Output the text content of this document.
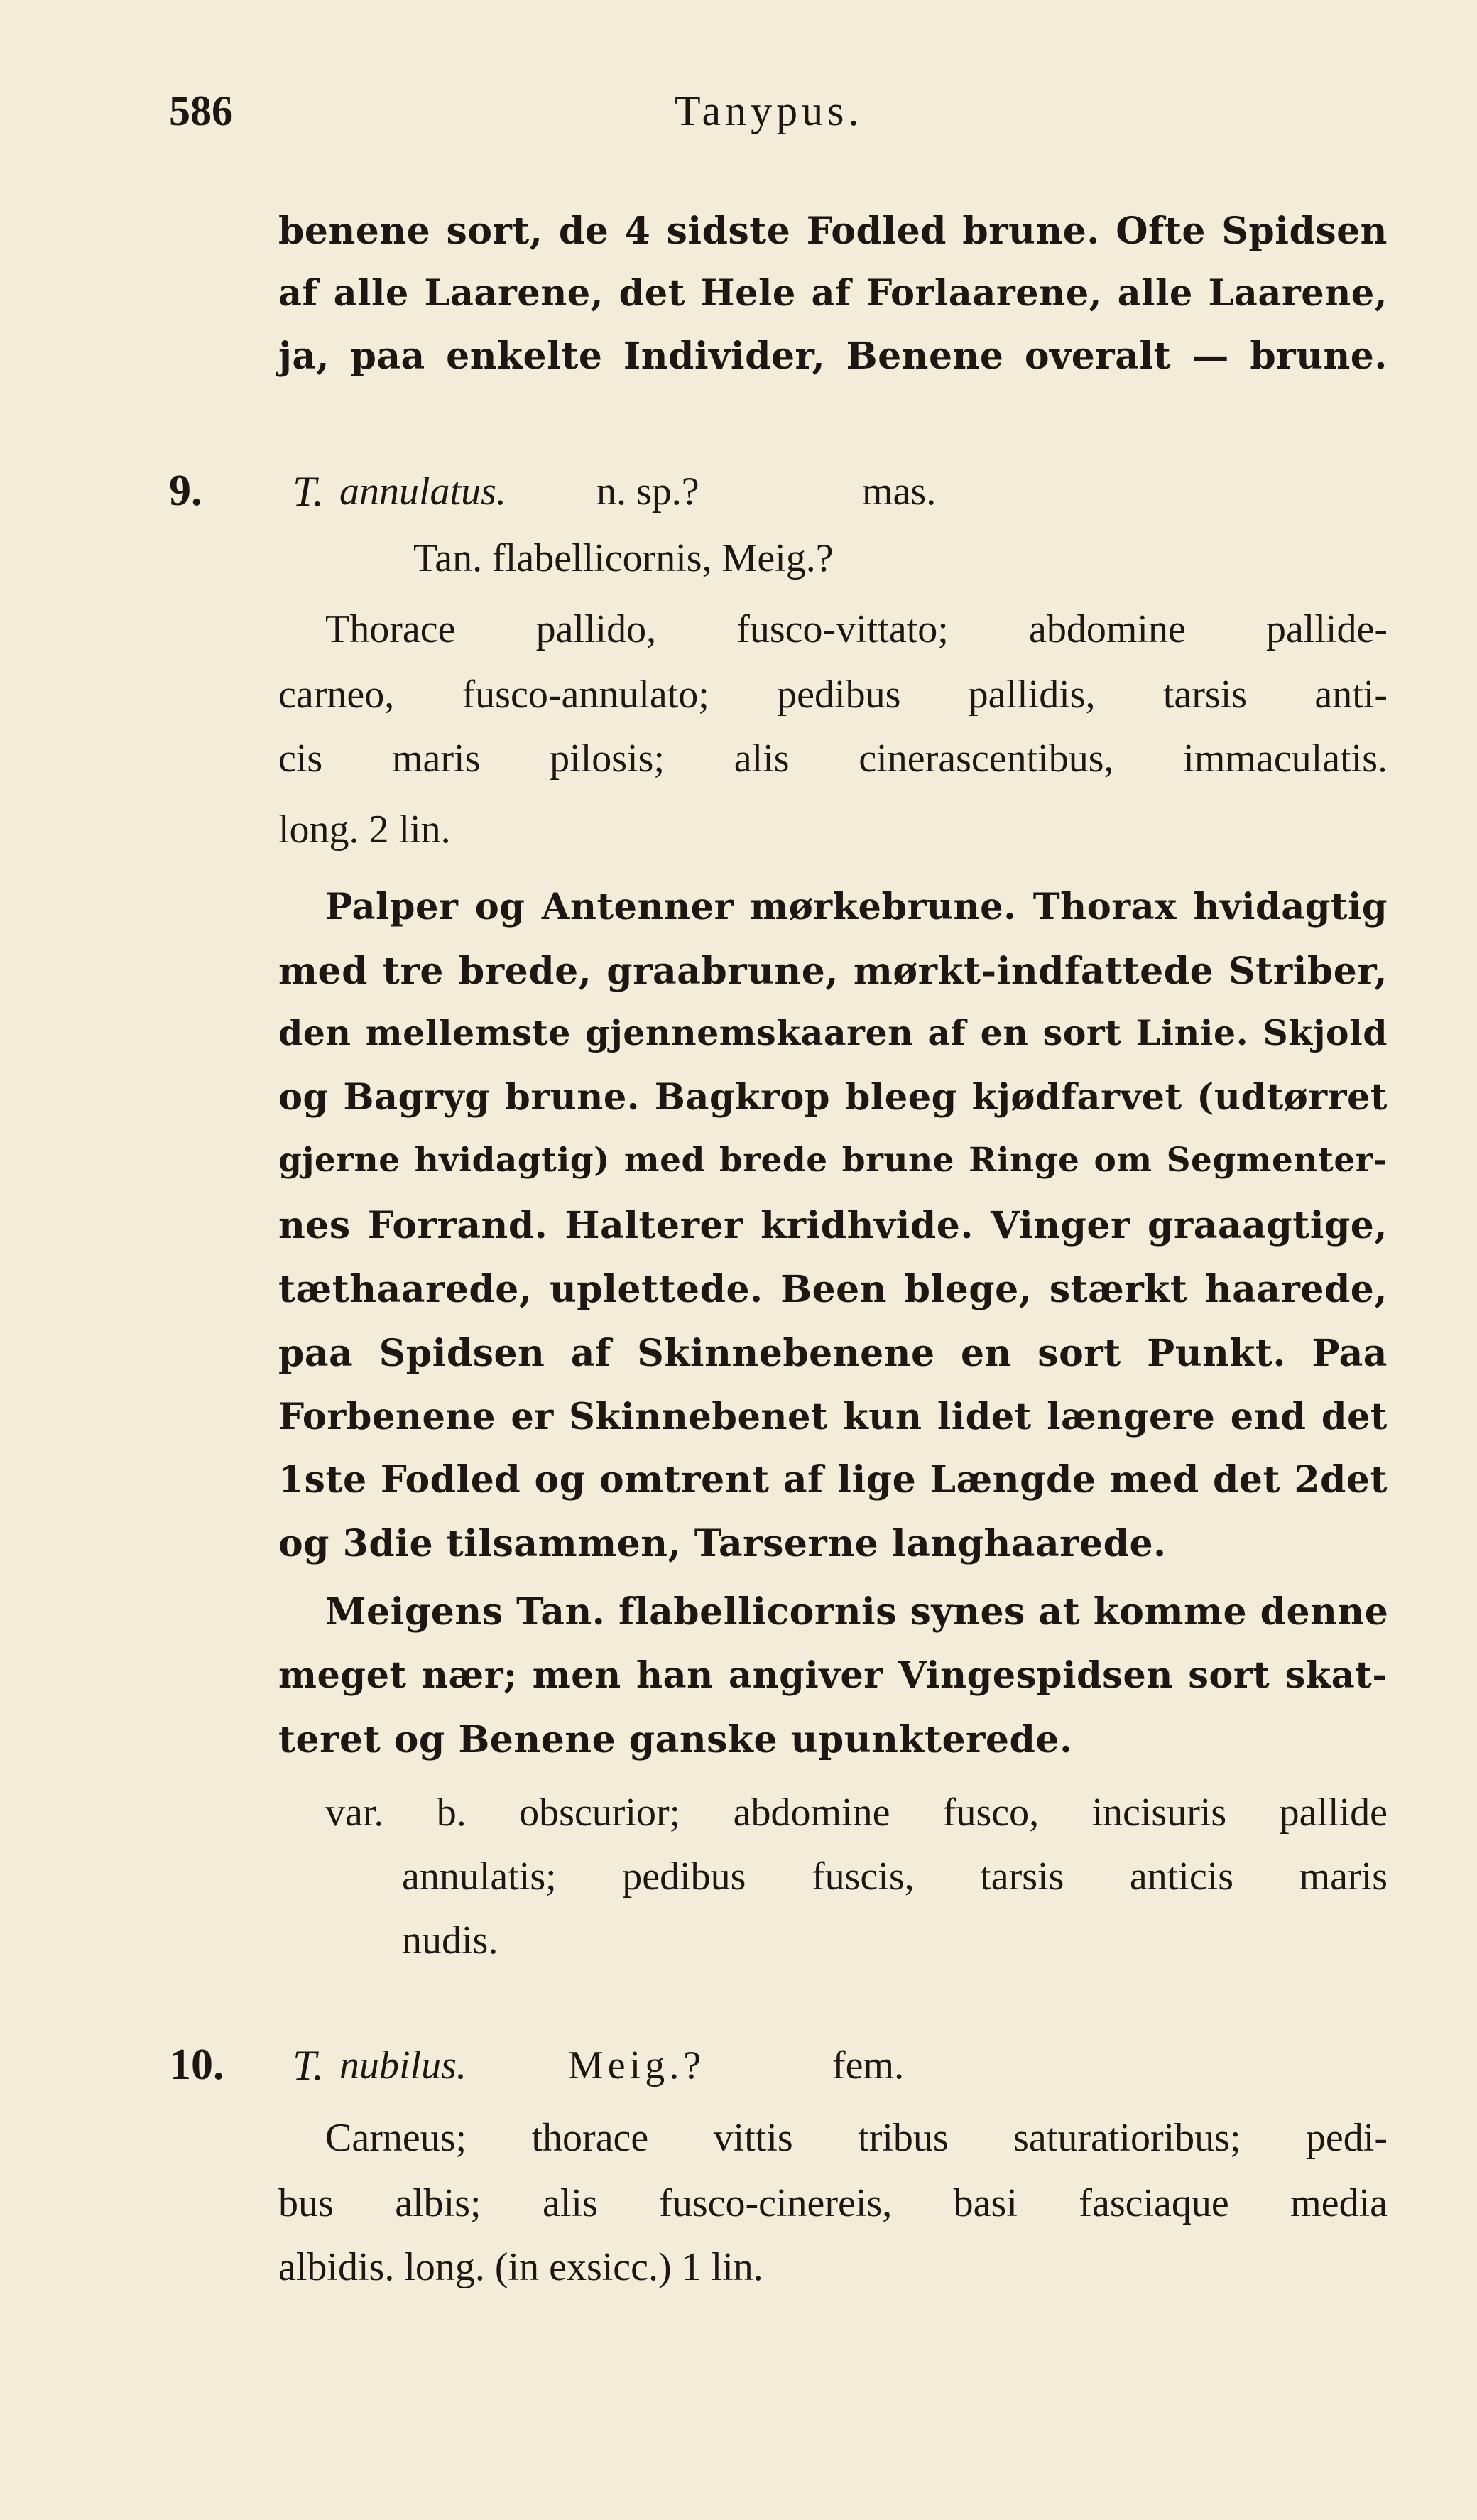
586	Tanypus.
benene sort, de 4 sidste Fodled brune. Ofte Spidsen
af alle Laarene, det Hele af Forlaarene, alle Laarene,
ja, paa enkelte Individer, Benene overalt — brune.
9. T. annulatus. n. sp.?	mas.
Tan. flabellicornis, Meig.?
Thorace pallido, fusco-vittato; abdomine pallide-
carneo, fusco-annulato; pedibus pallidis, tarsis anti-
cis maris pilosis; alis cinerascentibus, immaculatis.
long. 2 lin.
Palper og Antenner mørkebrune. Thorax hvidagtig
med tre brede, graabrune, mørkt-indfattede Striber,
den mellemste gjennemskaaren af en sort Linie. Skjold
og Bagryg brune. Bagkrop bleeg kjødfarvet (udtørret
gjerne hvidagtig) med brede brune Ringe om Segmenter-
nes Forrand. Halterer kridhvide. Vinger graaagtige,
tæthaarede, uplettede. Been blege, stærkt haarede,
paa Spidsen af Skinnebenene en sort Punkt. Paa
Forbenene er Skinnebenet kun lidet længere end det
1ste Fodled og omtrent af lige Længde med det 2det
og 3die tilsammen, Tarserne langhaarede.
Meigens Tan. flabellicornis synes at komme denne
meget nær; men han angiver Vingespidsen sort skat-
teret og Benene ganske upunkterede.
var. b. obscurior; abdomine fusco, incisuris pallide
annulatis; pedibus fuscis, tarsis anticis maris
nudis.
10. T. nubilus.	Meig.?	fem.
Carneus; thorace vittis tribus saturatioribus; pedi-
bus albis; alis fusco-cinereis, basi fasciaque media
albidis. long. (in exsicc.) 1 lin.
